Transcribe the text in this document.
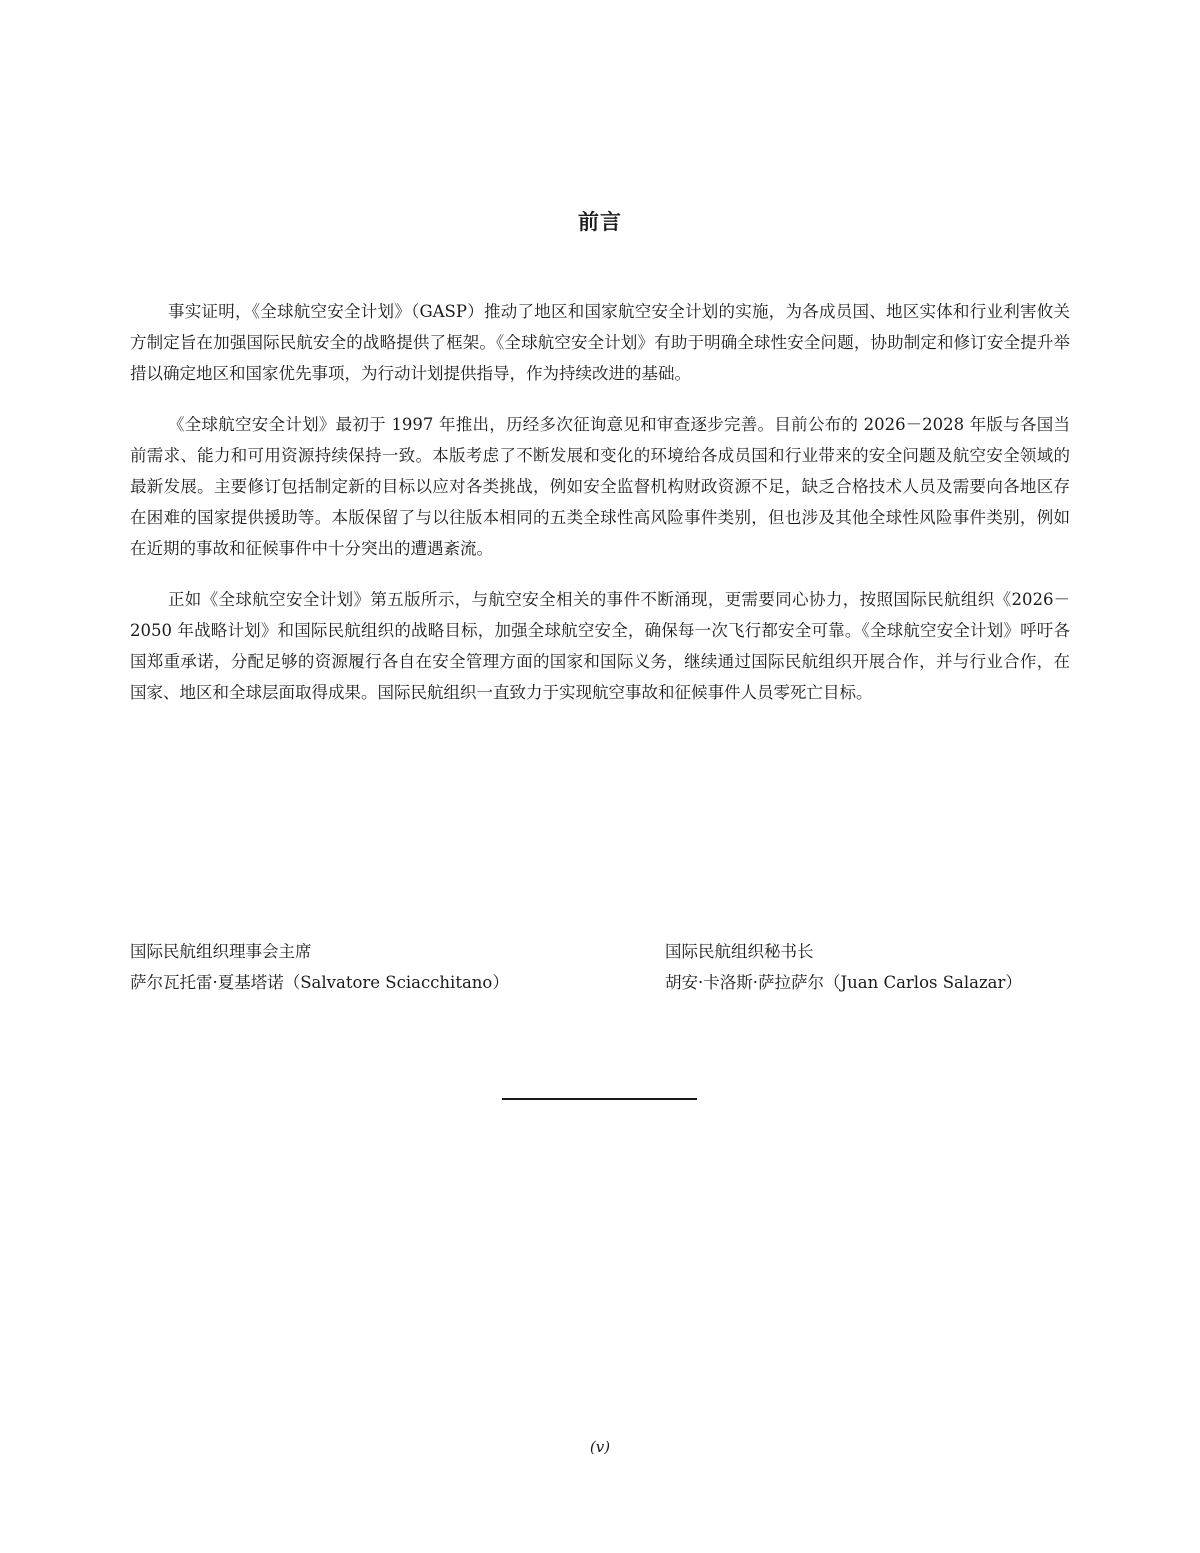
前言

事实证明，《全球航空安全计划》（GASP）推动了地区和国家航空安全计划的实施，为各成员国、地区实体和行业利害攸关方制定旨在加强国际民航安全的战略提供了框架。《全球航空安全计划》有助于明确全球性安全问题，协助制定和修订安全提升举措以确定地区和国家优先事项，为行动计划提供指导，作为持续改进的基础。

《全球航空安全计划》最初于 1997 年推出，历经多次征询意见和审查逐步完善。目前公布的 2026－2028 年版与各国当前需求、能力和可用资源持续保持一致。本版考虑了不断发展和变化的环境给各成员国和行业带来的安全问题及航空安全领域的最新发展。主要修订包括制定新的目标以应对各类挑战，例如安全监督机构财政资源不足，缺乏合格技术人员及需要向各地区存在困难的国家提供援助等。本版保留了与以往版本相同的五类全球性高风险事件类别，但也涉及其他全球性风险事件类别，例如在近期的事故和征候事件中十分突出的遭遇紊流。

正如《全球航空安全计划》第五版所示，与航空安全相关的事件不断涌现，更需要同心协力，按照国际民航组织《2026－2050 年战略计划》和国际民航组织的战略目标，加强全球航空安全，确保每一次飞行都安全可靠。《全球航空安全计划》呼吁各国郑重承诺，分配足够的资源履行各自在安全管理方面的国家和国际义务，继续通过国际民航组织开展合作，并与行业合作，在国家、地区和全球层面取得成果。国际民航组织一直致力于实现航空事故和征候事件人员零死亡目标。

国际民航组织理事会主席
萨尔瓦托雷·夏基塔诺（Salvatore Sciacchitano）
国际民航组织秘书长
胡安·卡洛斯·萨拉萨尔（Juan Carlos Salazar）
(v)
